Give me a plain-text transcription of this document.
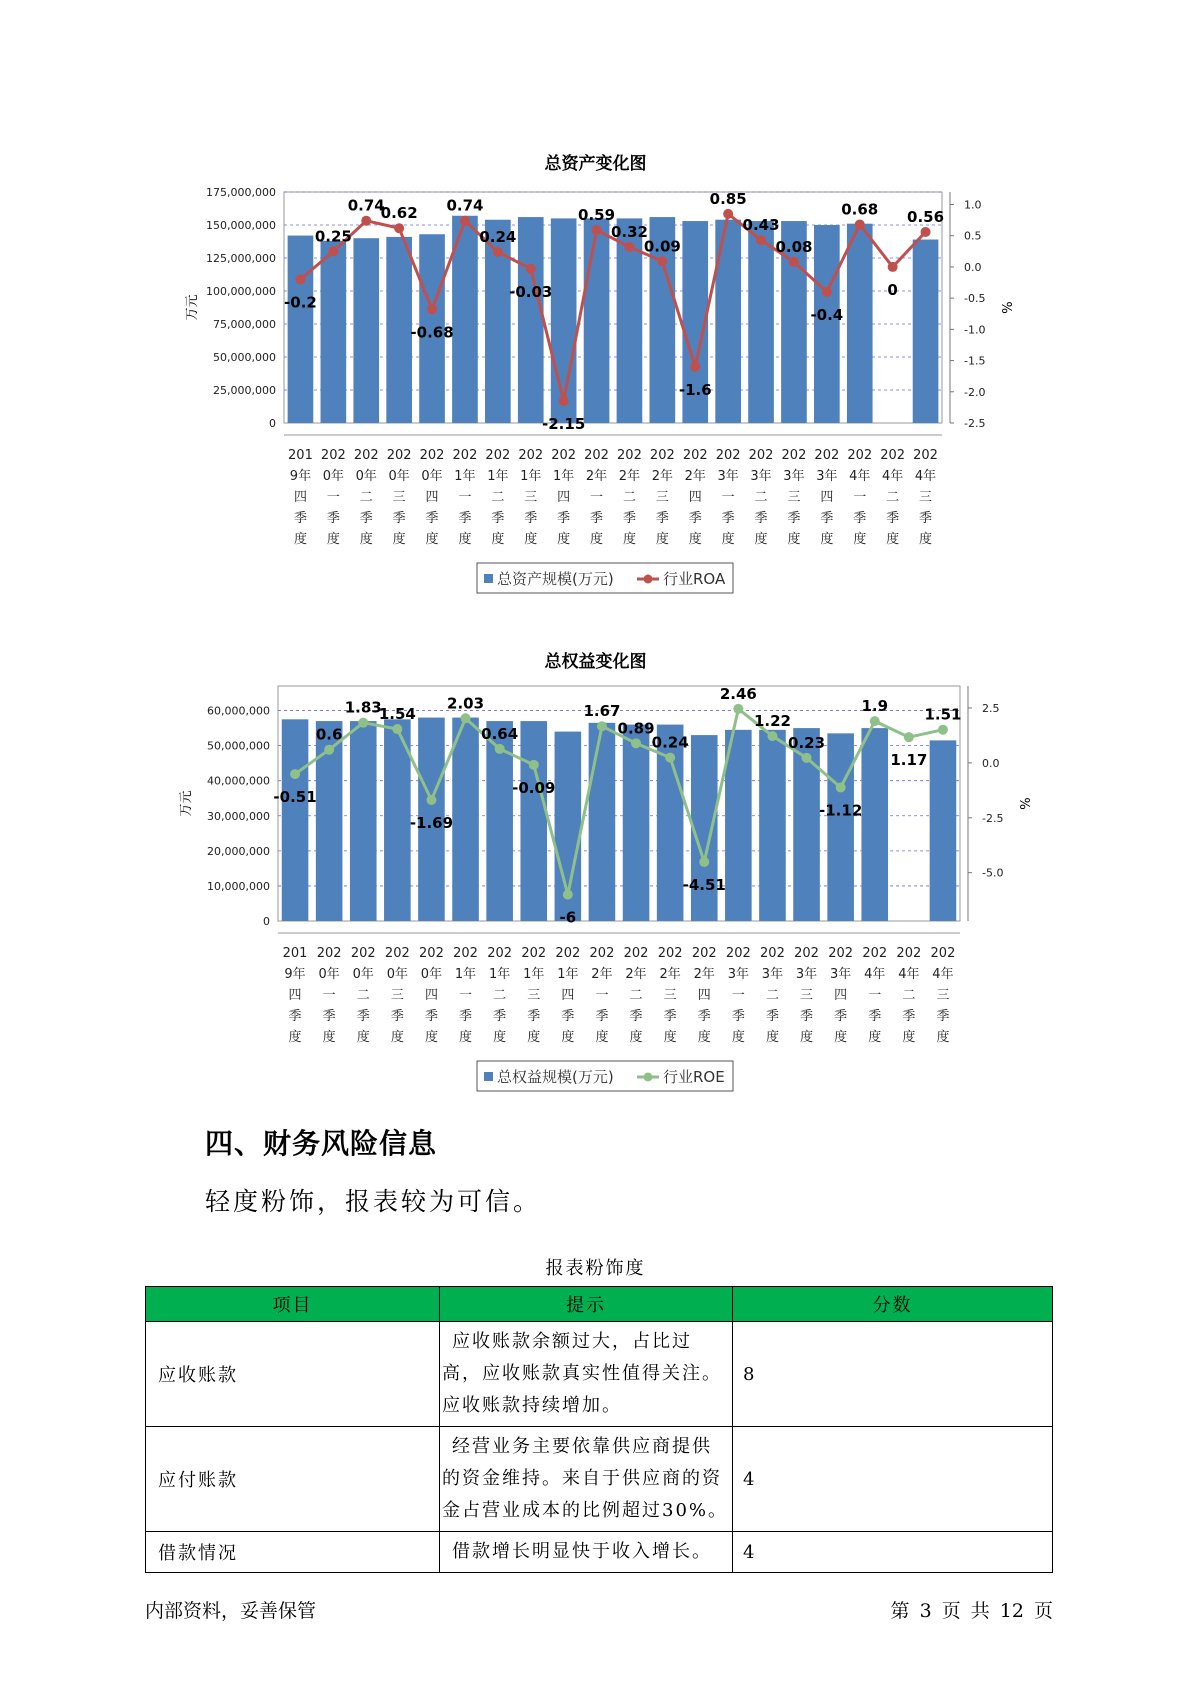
总资产变化图
0
25,000,000
50,000,000
75,000,000
100,000,000
125,000,000
150,000,000
175,000,000
-2.5
-2.0
-1.5
-1.0
-0.5
0.0
0.5
1.0
万元	%
-0.2
0.25
0.74
0.62
-0.68
0.74
0.24
-0.03
-2.15
0.59
0.32
0.09
-1.6
0.85
0.43
0.08
-0.4
0.68
0
0.56
201
9年
四
季
度
202
0年
一
季
度
202
0年
二
季
度
202
0年
三
季
度
202
0年
四
季
度
202
1年
一
季
度
202
1年
二
季
度
202
1年
三
季
度
202
1年
四
季
度
202
2年
一
季
度
202
2年
二
季
度
202
2年
三
季
度
202
2年
四
季
度
202
3年
一
季
度
202
3年
二
季
度
202
3年
三
季
度
202
3年
四
季
度
202
4年
一
季
度
202
4年
二
季
度
202
4年
三
季
度
总资产规模(万元)	行业ROA
总权益变化图
0
10,000,000
20,000,000
30,000,000
40,000,000
50,000,000
60,000,000
-5.0
-2.5
0.0
2.5
万元	%
-0.51
0.6
1.83
1.54
-1.69
2.03
0.64
-0.09
-6
1.67
0.89
0.24
-4.51
2.46
1.22
0.23
-1.12
1.9
1.17
1.51
201
9年
四
季
度
202
0年
一
季
度
202
0年
二
季
度
202
0年
三
季
度
202
0年
四
季
度
202
1年
一
季
度
202
1年
二
季
度
202
1年
三
季
度
202
1年
四
季
度
202
2年
一
季
度
202
2年
二
季
度
202
2年
三
季
度
202
2年
四
季
度
202
3年
一
季
度
202
3年
二
季
度
202
3年
三
季
度
202
3年
四
季
度
202
4年
一
季
度
202
4年
二
季
度
202
4年
三
季
度
总权益规模(万元)	行业ROE
四、财务风险信息
轻度粉饰，报表较为可信。
报表粉饰度
项目	提示	分数
应收账款	应收账款余额过大，占比过高，应收账款真实性值得关注。应收账款持续增加。	8
应付账款	经营业务主要依靠供应商提供的资金维持。来自于供应商的资金占营业成本的比例超过30%。	4
借款情况	借款增长明显快于收入增长。	4
内部资料，妥善保管	第 3 页 共 12 页
